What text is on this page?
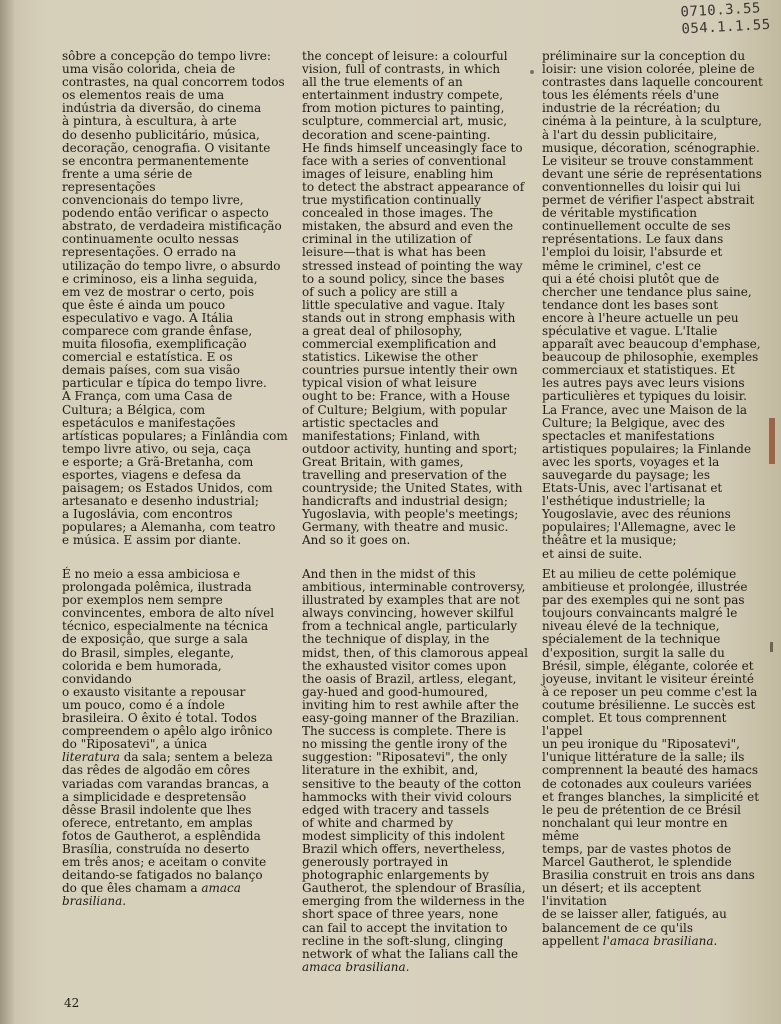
0710.3.55
054.1.1.55
sôbre a concepção do tempo livre:
uma visão colorida, cheia de
contrastes, na qual concorrem todos
os elementos reais de uma
indústria da diversão, do cinema
à pintura, à escultura, à arte
do desenho publicitário, música,
decoração, cenografia. O visitante
se encontra permanentemente
frente a uma série de representações
convencionais do tempo livre,
podendo então verificar o aspecto
abstrato, de verdadeira mistificação
continuamente oculto nessas
representações. O errado na
utilização do tempo livre, o absurdo
e criminoso, eis a linha seguida,
em vez de mostrar o certo, pois
que êste é ainda um pouco
especulativo e vago. A Itália
comparece com grande ênfase,
muita filosofia, exemplificação
comercial e estatística. E os
demais países, com sua visão
particular e típica do tempo livre.
A França, com uma Casa de
Cultura; a Bélgica, com
espetáculos e manifestações
artísticas populares; a Finlândia com
tempo livre ativo, ou seja, caça
e esporte; a Grã-Bretanha, com
esportes, viagens e defesa da
paisagem; os Estados Unidos, com
artesanato e desenho industrial;
a Iugoslávia, com encontros
populares; a Alemanha, com teatro
e música. E assim por diante.
the concept of leisure: a colourful
vision, full of contrasts, in which
all the true elements of an
entertainment industry compete,
from motion pictures to painting,
sculpture, commercial art, music,
decoration and scene-painting.
He finds himself unceasingly face to
face with a series of conventional
images of leisure, enabling him
to detect the abstract appearance of
true mystification continually
concealed in those images. The
mistaken, the absurd and even the
criminal in the utilization of
leisure—that is what has been
stressed instead of pointing the way
to a sound policy, since the bases
of such a policy are still a
little speculative and vague. Italy
stands out in strong emphasis with
a great deal of philosophy,
commercial exemplification and
statistics. Likewise the other
countries pursue intently their own
typical vision of what leisure
ought to be: France, with a House
of Culture; Belgium, with popular
artistic spectacles and
manifestations; Finland, with
outdoor activity, hunting and sport;
Great Britain, with games,
travelling and preservation of the
countryside; the United States, with
handicrafts and industrial design;
Yugoslavia, with people's meetings;
Germany, with theatre and music.
And so it goes on.
préliminaire sur la conception du
loisir: une vision colorée, pleine de
contrastes dans laquelle concourent
tous les éléments réels d'une
industrie de la récréation; du
cinéma à la peinture, à la sculpture,
à l'art du dessin publicitaire,
musique, décoration, scénographie.
Le visiteur se trouve constamment
devant une série de représentations
conventionnelles du loisir qui lui
permet de vérifier l'aspect abstrait
de véritable mystification
continuellement occulte de ses
représentations. Le faux dans
l'emploi du loisir, l'absurde et
même le criminel, c'est ce
qui a été choisi plutôt que de
chercher une tendance plus saine,
tendance dont les bases sont
encore à l'heure actuelle un peu
spéculative et vague. L'Italie
apparaît avec beaucoup d'emphase,
beaucoup de philosophie, exemples
commerciaux et statistiques. Et
les autres pays avec leurs visions
particulières et typiques du loisir.
La France, avec une Maison de la
Culture; la Belgique, avec des
spectacles et manifestations
artistiques populaires; la Finlande
avec les sports, voyages et la
sauvegarde du paysage; les
Etats-Unis, avec l'artisanat et
l'esthétique industrielle; la
Yougoslavie, avec des réunions
populaires; l'Allemagne, avec le
théâtre et la musique;
et ainsi de suite.
É no meio a essa ambiciosa e
prolongada polêmica, ilustrada
por exemplos nem sempre
convincentes, embora de alto nível
técnico, especialmente na técnica
de exposição, que surge a sala
do Brasil, simples, elegante,
colorida e bem humorada, convidando
o exausto visitante a repousar
um pouco, como é a índole
brasileira. O êxito é total. Todos
compreendem o apêlo algo irônico
do "Riposatevi", a única
literatura da sala; sentem a beleza
das rêdes de algodão em côres
variadas com varandas brancas, a
a simplicidade e despretensão
dêsse Brasil indolente que lhes
oferece, entretanto, em amplas
fotos de Gautherot, a esplêndida
Brasília, construída no deserto
em três anos; e aceitam o convite
deitando-se fatigados no balanço
do que êles chamam a amaca
brasiliana.
And then in the midst of this
ambitious, interminable controversy,
illustrated by examples that are not
always convincing, however skilful
from a technical angle, particularly
the technique of display, in the
midst, then, of this clamorous appeal
the exhausted visitor comes upon
the oasis of Brazil, artless, elegant,
gay-hued and good-humoured,
inviting him to rest awhile after the
easy-going manner of the Brazilian.
The success is complete. There is
no missing the gentle irony of the
suggestion: "Riposatevi", the only
literature in the exhibit, and,
sensitive to the beauty of the cotton
hammocks with their vivid colours
edged with tracery and tassels
of white and charmed by
modest simplicity of this indolent
Brazil which offers, nevertheless,
generously portrayed in
photographic enlargements by
Gautherot, the splendour of Brasília,
emerging from the wilderness in the
short space of three years, none
can fail to accept the invitation to
recline in the soft-slung, clinging
network of what the Ialians call the
amaca brasiliana.
Et au milieu de cette polémique
ambitieuse et prolongée, illustrée
par des exemples qui ne sont pas
toujours convaincants malgré le
niveau élevé de la technique,
spécialement de la technique
d'exposition, surgit la salle du
Brésil, simple, élégante, colorée et
joyeuse, invitant le visiteur éreinté
à ce reposer un peu comme c'est la
coutume brésilienne. Le succès est
complet. Et tous comprennent l'appel
un peu ironique du "Riposatevi",
l'unique littérature de la salle; ils
comprennent la beauté des hamacs
de cotonades aux couleurs variées
et franges blanches, la simplicité et
le peu de prétention de ce Brésil
nonchalant qui leur montre en même
temps, par de vastes photos de
Marcel Gautherot, le splendide
Brasilia construit en trois ans dans
un désert; et ils acceptent l'invitation
de se laisser aller, fatigués, au
balancement de ce qu'ils
appellent l'amaca brasiliana.
42
